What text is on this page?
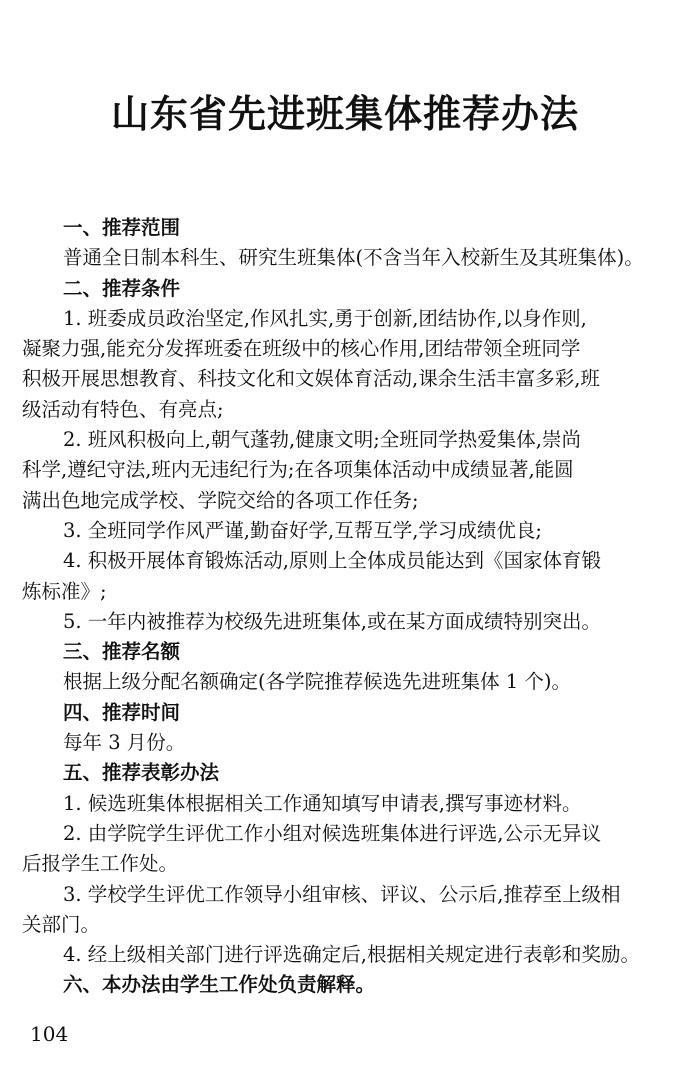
山东省先进班集体推荐办法

一、推荐范围

普通全日制本科生、研究生班集体(不含当年入校新生及其班集体)。

二、推荐条件

1. 班委成员政治坚定,作风扎实,勇于创新,团结协作,以身作则,

凝聚力强,能充分发挥班委在班级中的核心作用,团结带领全班同学

积极开展思想教育、科技文化和文娱体育活动,课余生活丰富多彩,班

级活动有特色、有亮点;

2. 班风积极向上,朝气蓬勃,健康文明;全班同学热爱集体,崇尚

科学,遵纪守法,班内无违纪行为;在各项集体活动中成绩显著,能圆

满出色地完成学校、学院交给的各项工作任务;

3. 全班同学作风严谨,勤奋好学,互帮互学,学习成绩优良;

4. 积极开展体育锻炼活动,原则上全体成员能达到《国家体育锻

炼标准》;

5. 一年内被推荐为校级先进班集体,或在某方面成绩特别突出。

三、推荐名额

根据上级分配名额确定(各学院推荐候选先进班集体 1 个)。

四、推荐时间

每年 3 月份。

五、推荐表彰办法

1. 候选班集体根据相关工作通知填写申请表,撰写事迹材料。

2. 由学院学生评优工作小组对候选班集体进行评选,公示无异议

后报学生工作处。

3. 学校学生评优工作领导小组审核、评议、公示后,推荐至上级相

关部门。

4. 经上级相关部门进行评选确定后,根据相关规定进行表彰和奖励。

六、本办法由学生工作处负责解释。

104
